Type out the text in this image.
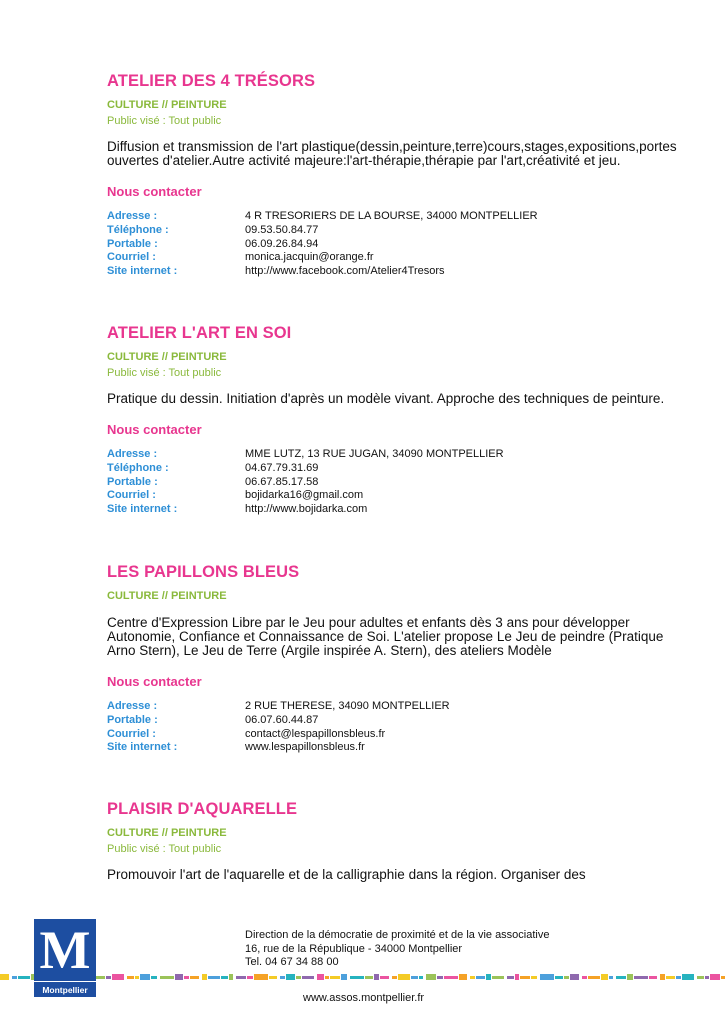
ATELIER DES 4 TRÉSORS
CULTURE // PEINTURE
Public visé : Tout public
Diffusion et transmission de l'art plastique(dessin,peinture,terre)cours,stages,expositions,portes ouvertes d'atelier.Autre activité majeure:l'art-thérapie,thérapie par l'art,créativité et jeu.
Nous contacter
Adresse :	4 R TRESORIERS DE LA BOURSE, 34000 MONTPELLIER
Téléphone :	09.53.50.84.77
Portable :	06.09.26.84.94
Courriel :	monica.jacquin@orange.fr
Site internet :	http://www.facebook.com/Atelier4Tresors
ATELIER L'ART EN SOI
CULTURE // PEINTURE
Public visé : Tout public
Pratique du dessin. Initiation d'après un modèle vivant. Approche des techniques de peinture.
Nous contacter
Adresse :	MME LUTZ, 13 RUE JUGAN, 34090 MONTPELLIER
Téléphone :	04.67.79.31.69
Portable :	06.67.85.17.58
Courriel :	bojidarka16@gmail.com
Site internet :	http://www.bojidarka.com
LES PAPILLONS BLEUS
CULTURE // PEINTURE
Centre d'Expression Libre par le Jeu pour adultes et enfants dès 3 ans pour développer Autonomie, Confiance et Connaissance de Soi. L'atelier propose Le Jeu de peindre (Pratique Arno Stern), Le Jeu de Terre (Argile inspirée A. Stern), des ateliers Modèle
Nous contacter
Adresse :	2 RUE THERESE, 34090 MONTPELLIER
Portable :	06.07.60.44.87
Courriel :	contact@lespapillonsbleus.fr
Site internet :	www.lespapillonsbleus.fr
PLAISIR D'AQUARELLE
CULTURE // PEINTURE
Public visé : Tout public
Promouvoir l'art de l'aquarelle et de la calligraphie dans la région. Organiser des
M
Montpellier
Direction de la démocratie de proximité et de la vie associative
16, rue de la République - 34000 Montpellier
Tel. 04 67 34 88 00
www.assos.montpellier.fr
